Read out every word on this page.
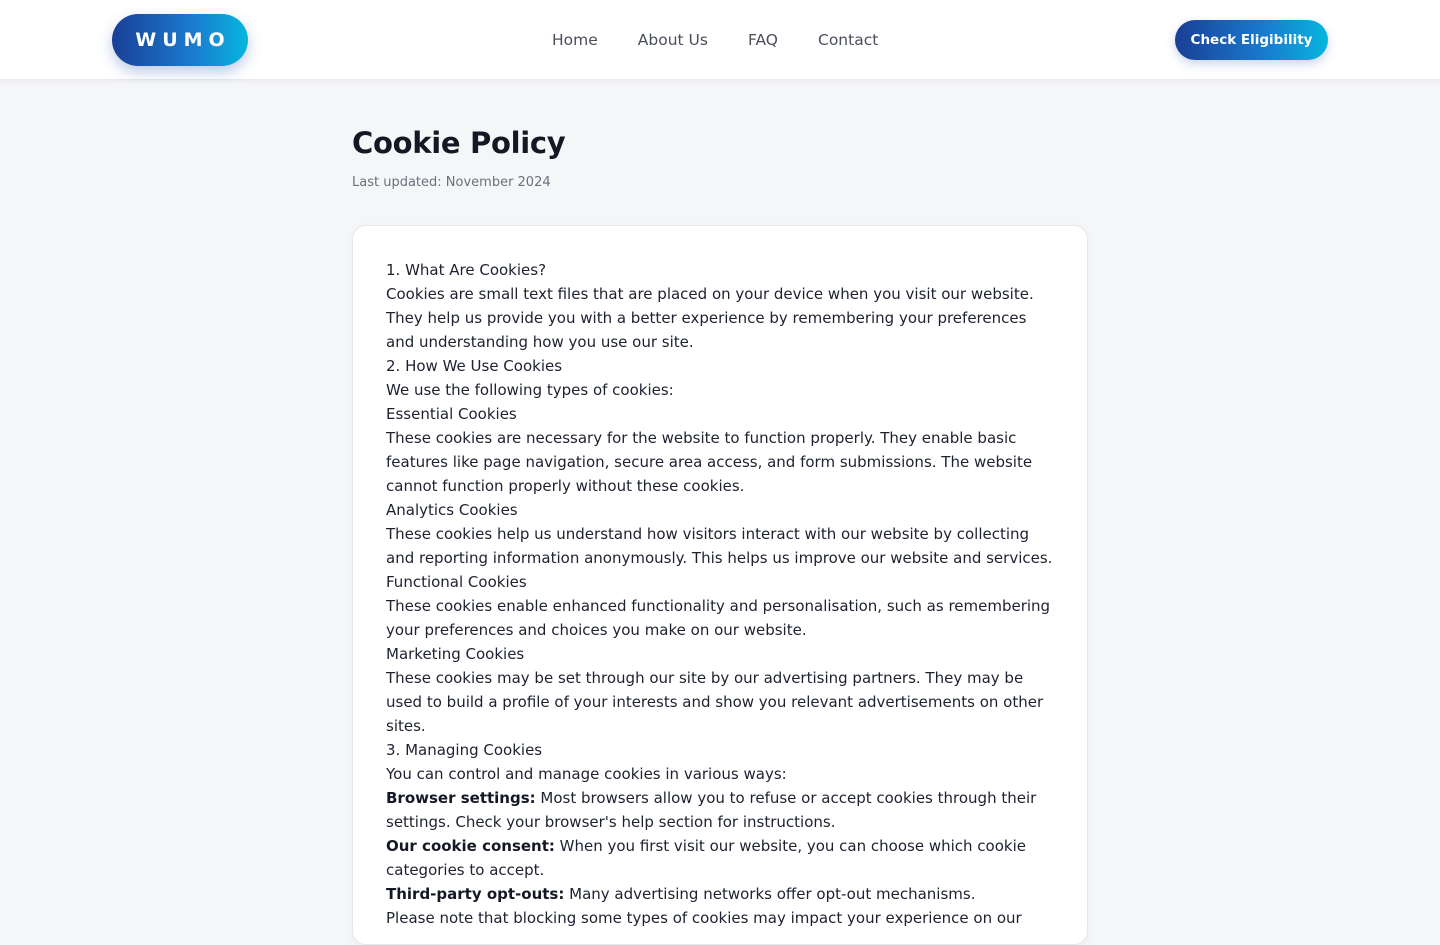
WUMO	Home	About Us	FAQ	Contact	Check Eligibility
Cookie Policy
Last updated: November 2024

1. What Are Cookies?

Cookies are small text files that are placed on your device when you visit our website. They help us provide you with a better experience by remembering your preferences and understanding how you use our site.

2. How We Use Cookies

We use the following types of cookies:

Essential Cookies

These cookies are necessary for the website to function properly. They enable basic features like page navigation, secure area access, and form submissions. The website cannot function properly without these cookies.

Analytics Cookies

These cookies help us understand how visitors interact with our website by collecting and reporting information anonymously. This helps us improve our website and services.

Functional Cookies

These cookies enable enhanced functionality and personalisation, such as remembering your preferences and choices you make on our website.

Marketing Cookies

These cookies may be set through our site by our advertising partners. They may be used to build a profile of your interests and show you relevant advertisements on other sites.

3. Managing Cookies

You can control and manage cookies in various ways:

Browser settings: Most browsers allow you to refuse or accept cookies through their settings. Check your browser's help section for instructions.

Our cookie consent: When you first visit our website, you can choose which cookie categories to accept.

Third-party opt-outs: Many advertising networks offer opt-out mechanisms.

Please note that blocking some types of cookies may impact your experience on our
